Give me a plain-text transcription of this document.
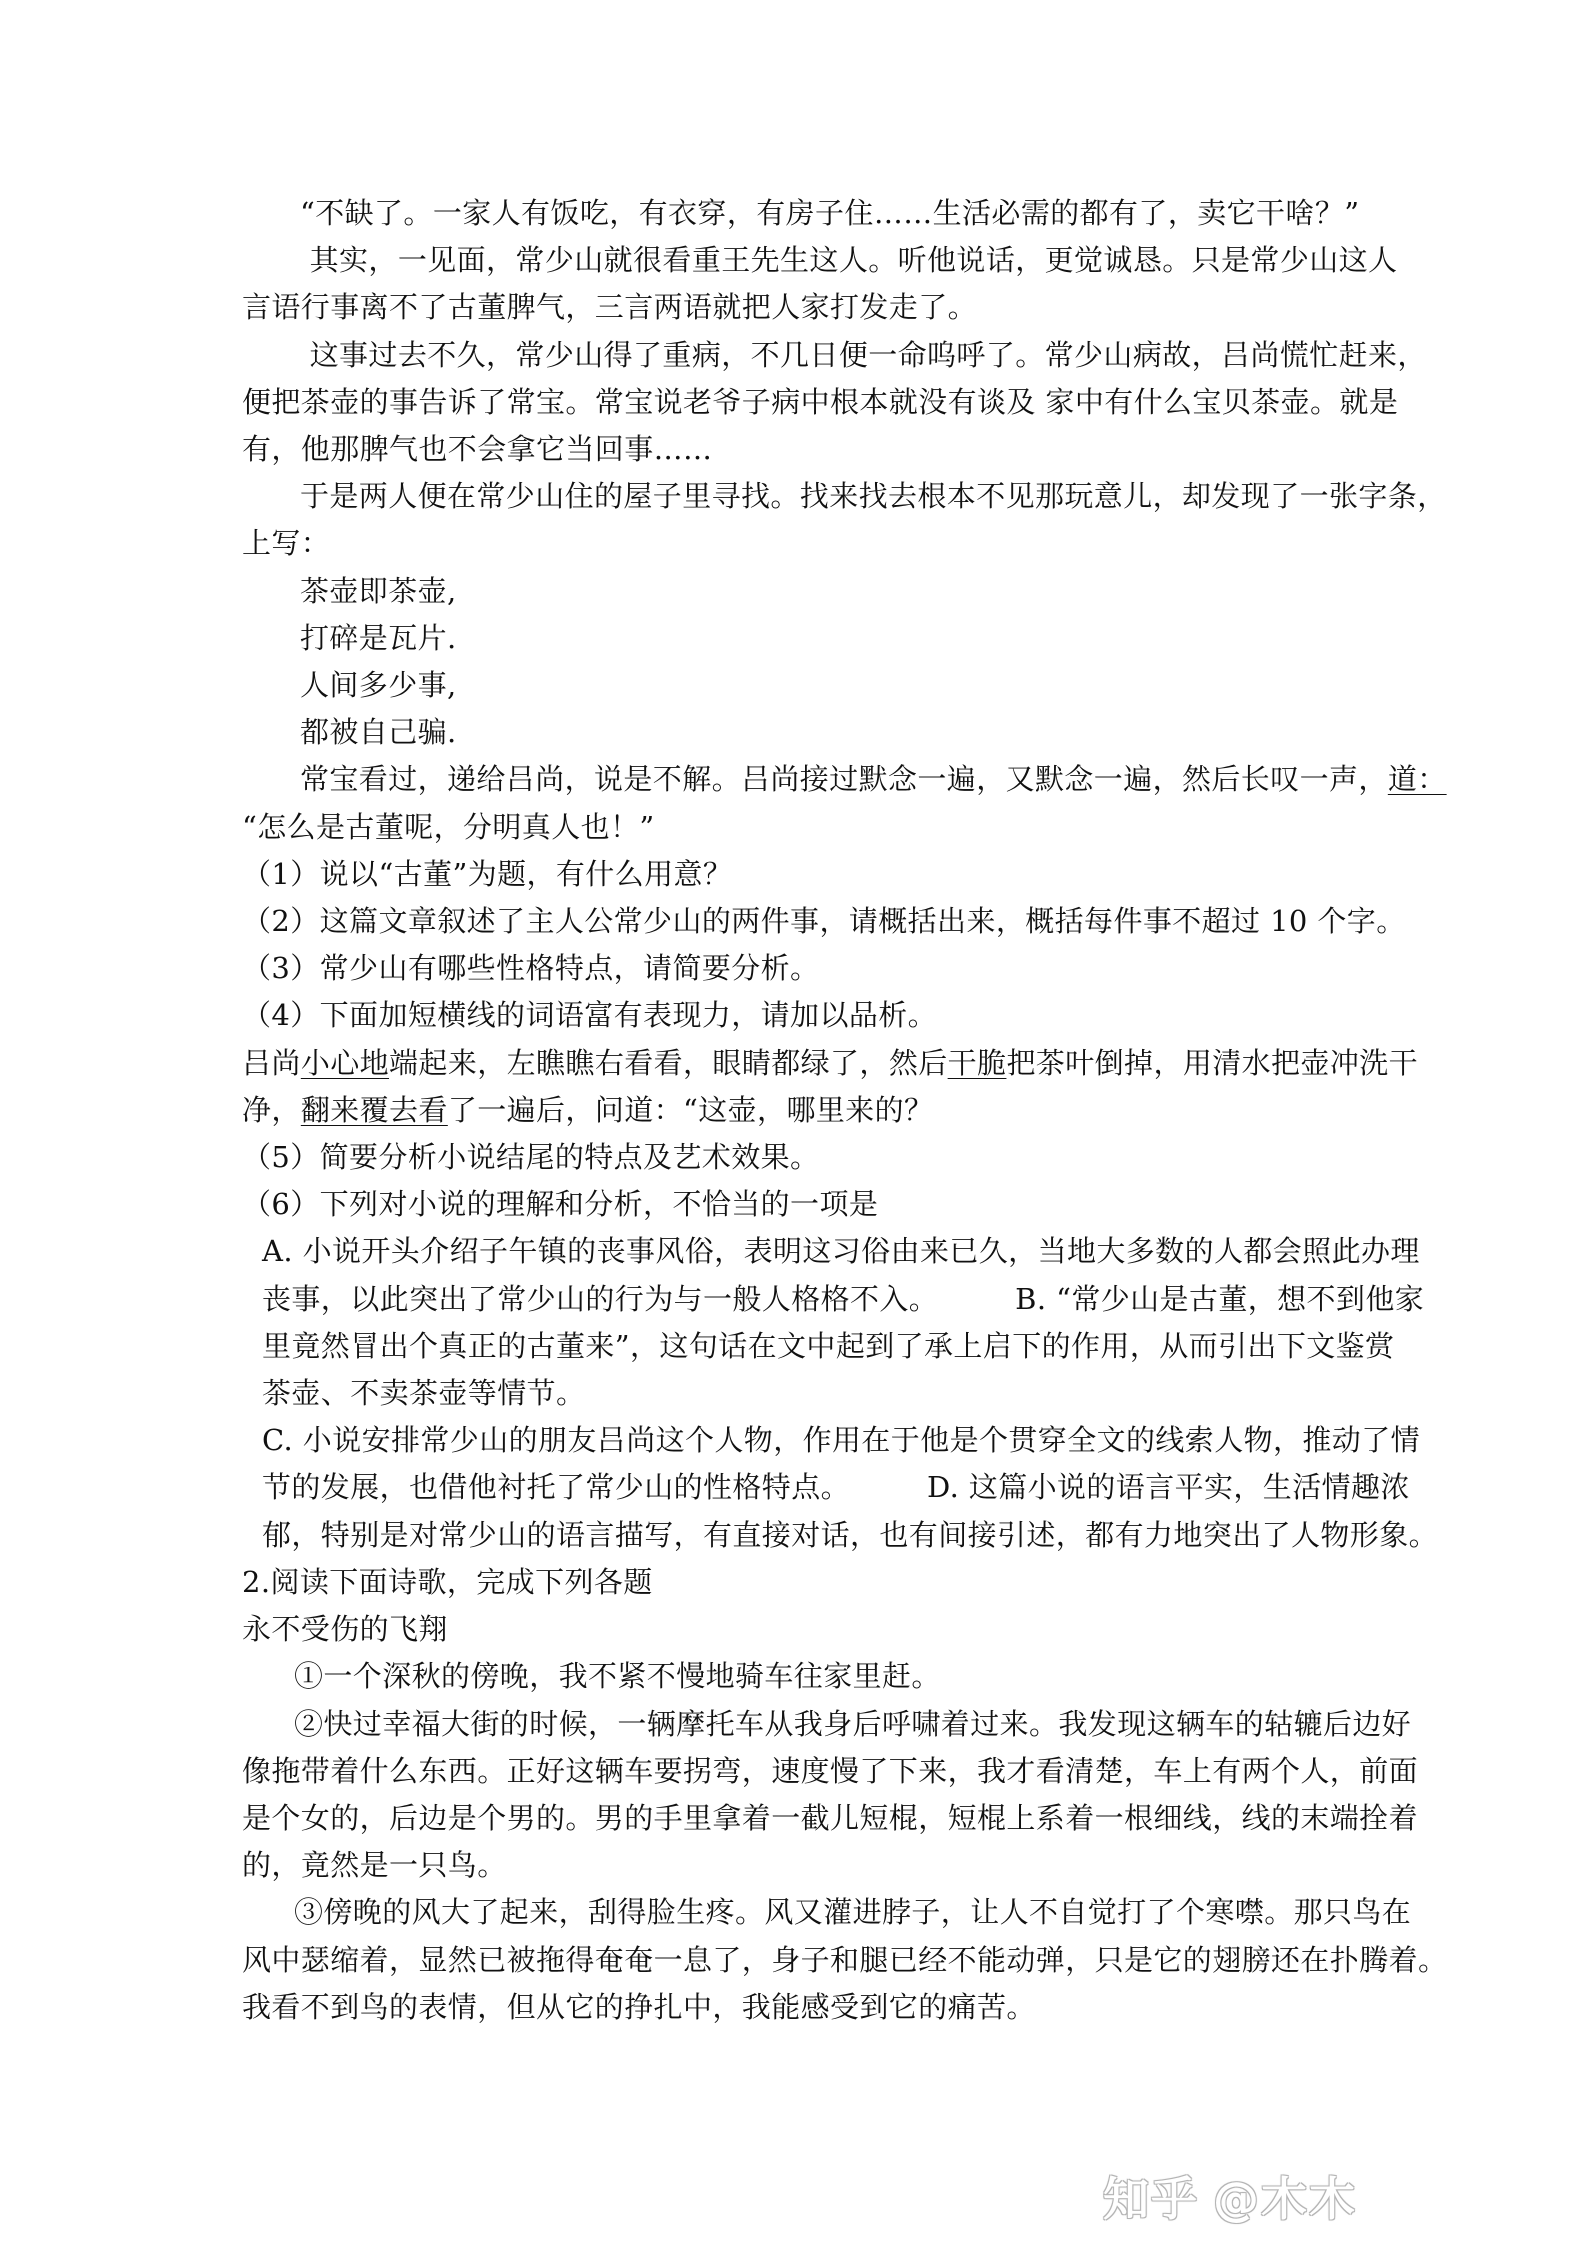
“不缺了。一家人有饭吃，有衣穿，有房子住……生活必需的都有了，卖它干啥？”
其实，一见面，常少山就很看重王先生这人。听他说话，更觉诚恳。只是常少山这人
言语行事离不了古董脾气，三言两语就把人家打发走了。
这事过去不久，常少山得了重病，不几日便一命呜呼了。常少山病故，吕尚慌忙赶来，
便把茶壶的事告诉了常宝。常宝说老爷子病中根本就没有谈及 家中有什么宝贝茶壶。就是
有，他那脾气也不会拿它当回事……
于是两人便在常少山住的屋子里寻找。找来找去根本不见那玩意儿，却发现了一张字条，
上写：
茶壶即茶壶,
打碎是瓦片.
人间多少事,
都被自己骗.
常宝看过，递给吕尚，说是不解。吕尚接过默念一遍，又默念一遍，然后长叹一声，道：
“怎么是古董呢，分明真人也！”
（1）说以“古董”为题，有什么用意？
（2）这篇文章叙述了主人公常少山的两件事，请概括出来，概括每件事不超过 10 个字。
（3）常少山有哪些性格特点，请简要分析。
（4）下面加短横线的词语富有表现力，请加以品析。
吕尚小心地端起来，左瞧瞧右看看，眼睛都绿了，然后干脆把茶叶倒掉，用清水把壶冲洗干
净，翻来覆去看了一遍后，问道：“这壶，哪里来的？
（5）简要分析小说结尾的特点及艺术效果。
（6）下列对小说的理解和分析，不恰当的一项是
A. 小说开头介绍子午镇的丧事风俗，表明这习俗由来已久，当地大多数的人都会照此办理
丧事，以此突出了常少山的行为与一般人格格不入。        B. “常少山是古董，想不到他家
里竟然冒出个真正的古董来”，这句话在文中起到了承上启下的作用，从而引出下文鉴赏
茶壶、不卖茶壶等情节。
C. 小说安排常少山的朋友吕尚这个人物，作用在于他是个贯穿全文的线索人物，推动了情
节的发展，也借他衬托了常少山的性格特点。        D. 这篇小说的语言平实，生活情趣浓
郁，特别是对常少山的语言描写，有直接对话，也有间接引述，都有力地突出了人物形象。
2.阅读下面诗歌，完成下列各题
永不受伤的飞翔
①一个深秋的傍晚，我不紧不慢地骑车往家里赶。
②快过幸福大街的时候，一辆摩托车从我身后呼啸着过来。我发现这辆车的轱辘后边好
像拖带着什么东西。正好这辆车要拐弯，速度慢了下来，我才看清楚，车上有两个人，前面
是个女的，后边是个男的。男的手里拿着一截儿短棍，短棍上系着一根细线，线的末端拴着
的，竟然是一只鸟。
③傍晚的风大了起来，刮得脸生疼。风又灌进脖子，让人不自觉打了个寒噤。那只鸟在
风中瑟缩着，显然已被拖得奄奄一息了，身子和腿已经不能动弹，只是它的翅膀还在扑腾着。
我看不到鸟的表情，但从它的挣扎中，我能感受到它的痛苦。
知乎 @木木
